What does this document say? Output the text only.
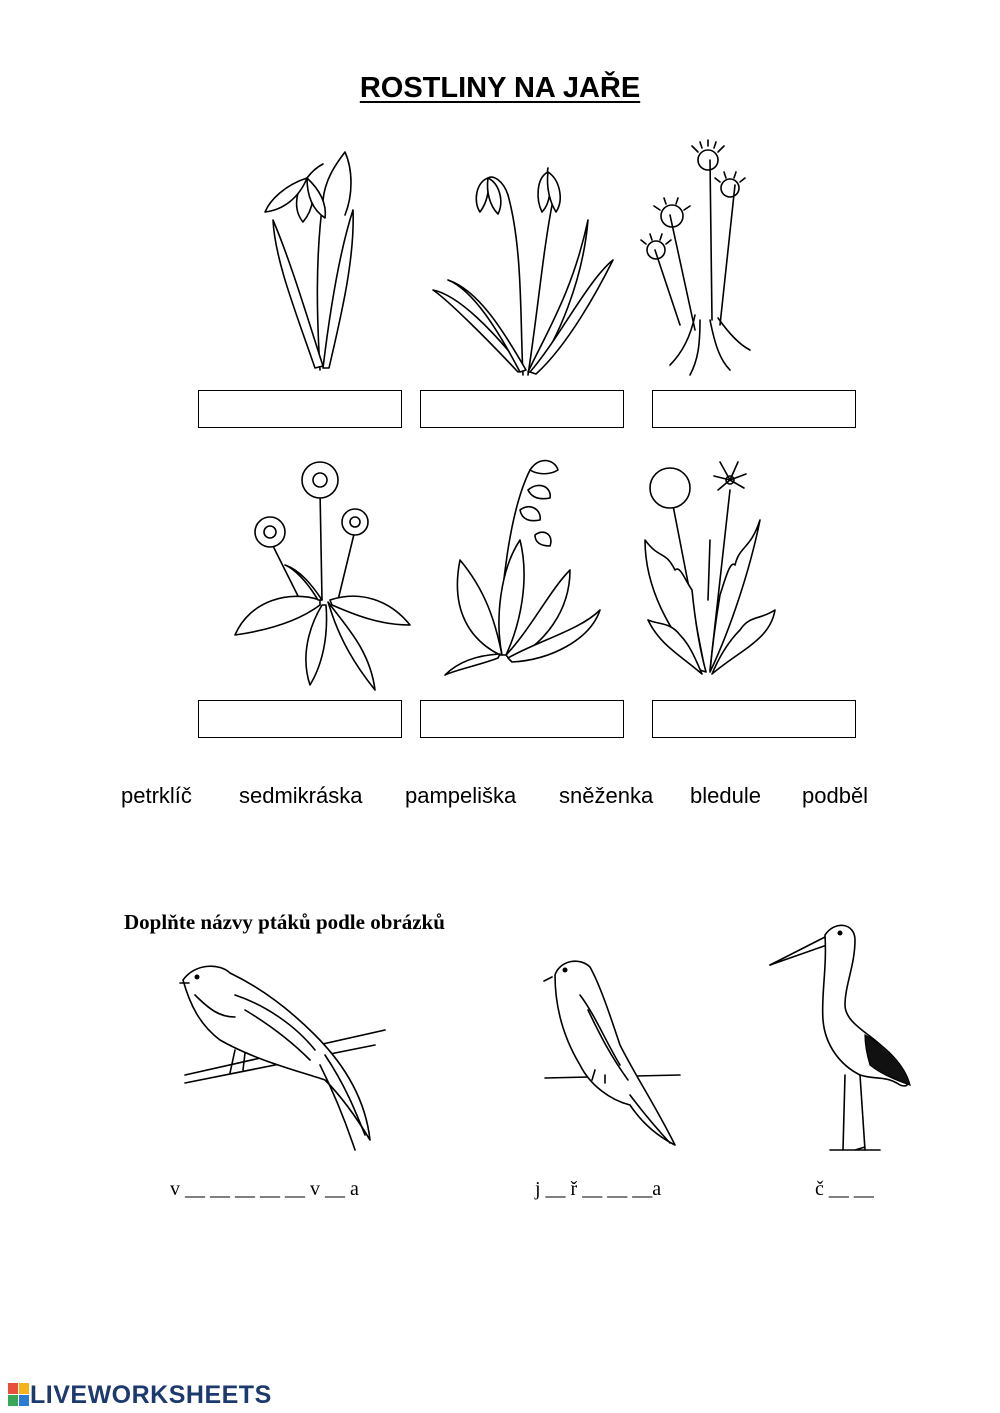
ROSTLINY NA JAŘE
petrklíč sedmikráska pampeliška sněženka bledule podběl
Doplňte názvy ptáků podle obrázků
v __ __ __ __ __ v __ a	j __ ř __ __ __a	č __ __
LIVEWORKSHEETS
